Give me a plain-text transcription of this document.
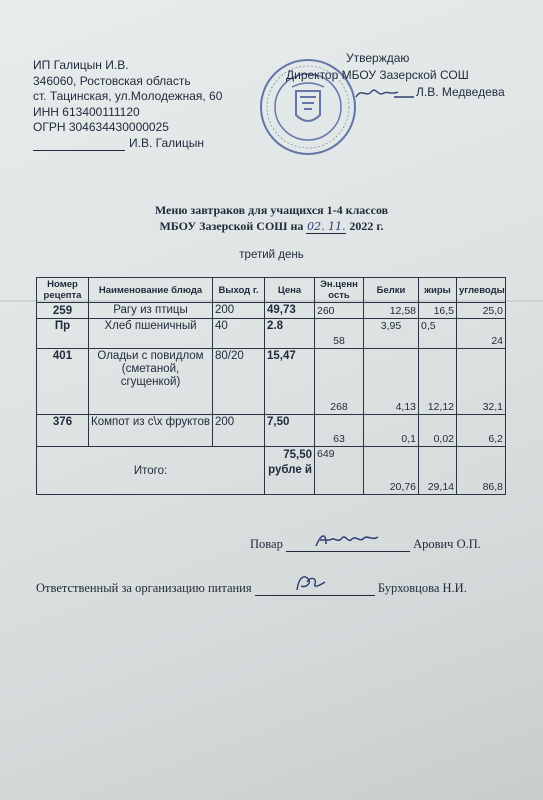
ИП Галицын И.В.
346060, Ростовская область
ст. Тацинская, ул.Молодежная, 60
ИНН 613400111120
ОГРН 304634430000025
И.В. Галицын
Утверждаю
Директор МБОУ Зазерской СОШ
Л.В. Медведева
Меню завтраков для учащихся 1-4 классов
МБОУ Зазерской СОШ на 02. 11. 2022 г.
третий день
Номер рецепта	Наименование блюда	Выход г.	Цена	Эн.ценн ость	Белки	жиры	углеводы
259	Рагу из птицы	200	49,73	260	12,58	16,5	25,0
Пр	Хлеб пшеничный	40	2.8	58	3,95	0,5	24
401	Оладьи с повидлом (сметаной, сгущенкой)	80/20	15,47	268	4,13	12,12	32,1
376	Компот из с\х фруктов	200	7,50	63	0,1	0,02	6,2
Итого:			75,50 рубле й	649	20,76	29,14	86,8
Повар	Арович О.П.
Ответственный за организацию питания	Бурховцова Н.И.
